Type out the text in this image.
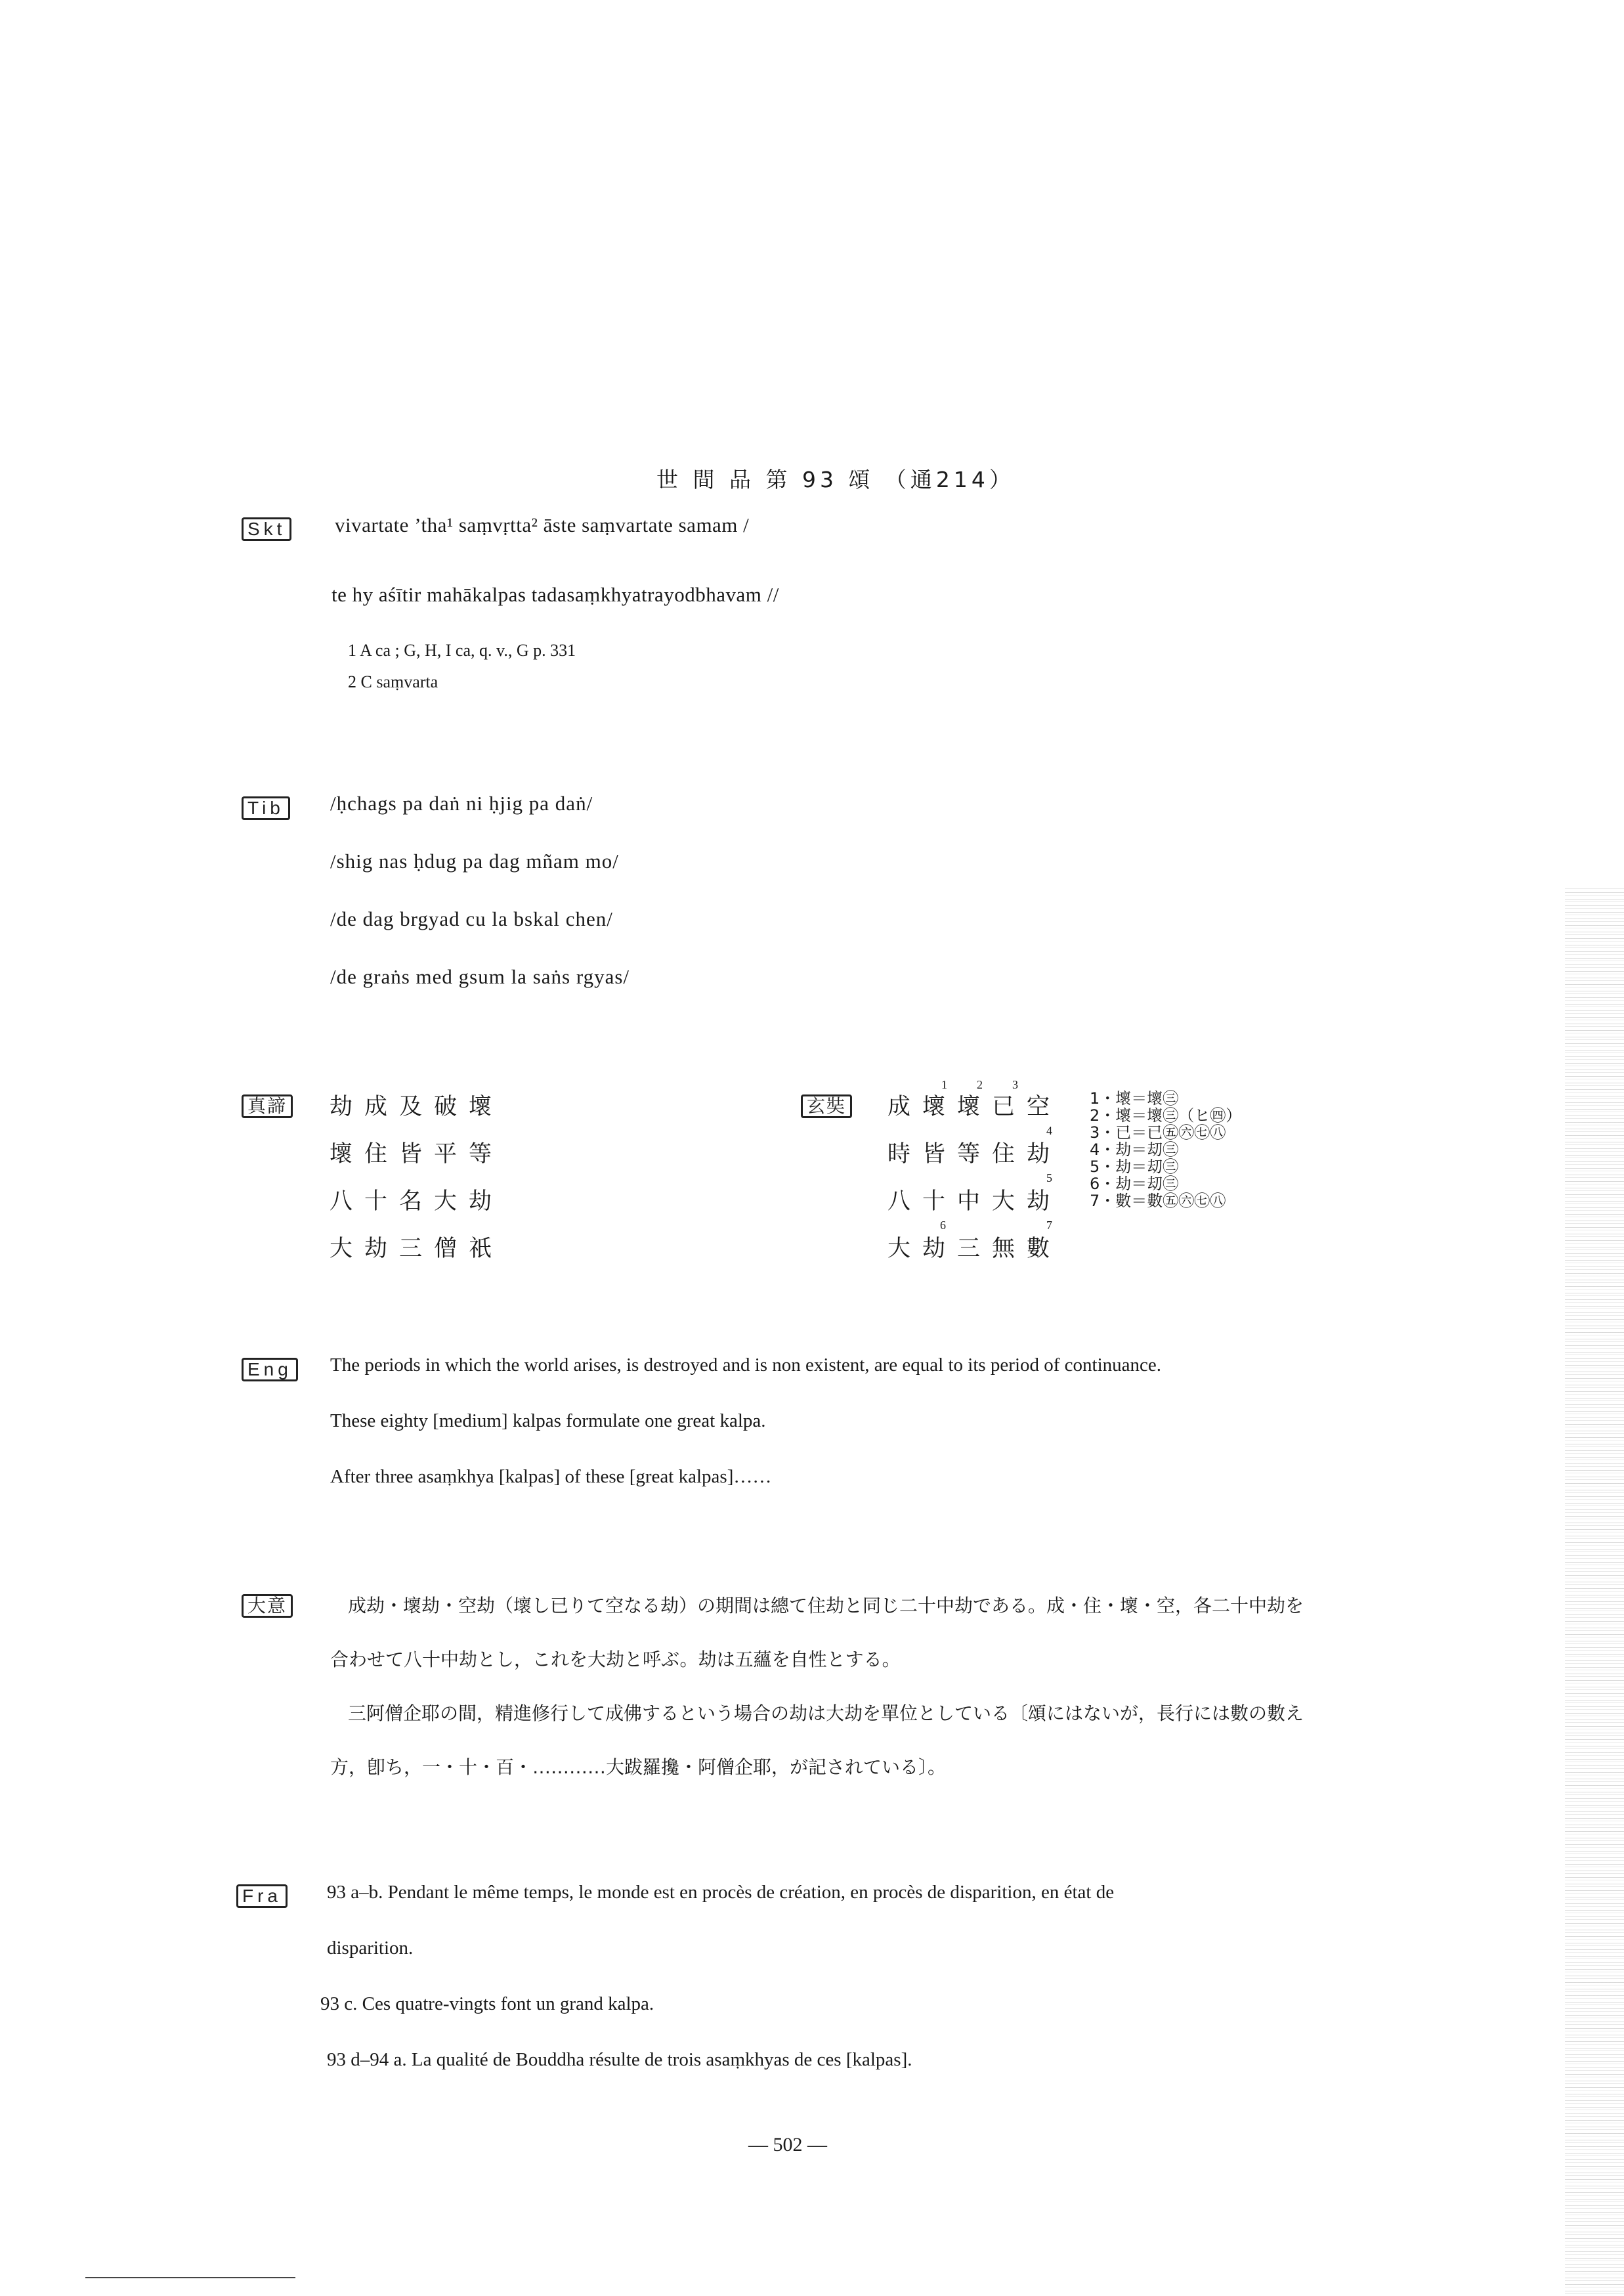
世 間 品 第 93 頌 （通214）
Skt vivartate ’tha¹ saṃvṛtta² āste saṃvartate samam /
te hy aśītir mahākalpas tadasaṃkhyatrayodbhavam //
1 A ca ; G, H, I ca, q. v., G p. 331
2 C saṃvarta
Tib /ḥchags pa daṅ ni ḥjig pa daṅ/
/shig nas ḥdug pa dag mñam mo/
/de dag brgyad cu la bskal chen/
/de graṅs med gsum la saṅs rgyas/
真諦 劫成及破壞
壞住皆平等
八十名大劫
大劫三僧祇
玄奘 成壞壞已空
時皆等住劫
八十中大劫
大劫三無數
1	2	3
4
5
6	7
1・壞＝壞㊂
2・壞＝壞㊂（ヒ㊃）
3・已＝已㊄㊅㊆㊇
4・劫＝刧㊂
5・劫＝刧㊂
6・劫＝刧㊂
7・數＝數㊄㊅㊆㊇
Eng	The periods in which the world arises, is destroyed and is non existent, are equal to its period of continuance.
These eighty [medium] kalpas formulate one great kalpa.
After three asaṃkhya [kalpas] of these [great kalpas]……
大意	成劫・壞劫・空劫（壞し已りて空なる劫）の期間は總て住劫と同じ二十中劫である。成・住・壞・空，各二十中劫を
合わせて八十中劫とし，これを大劫と呼ぶ。劫は五蘊を自性とする。
三阿僧企耶の間，精進修行して成佛するという場合の劫は大劫を單位としている〔頌にはないが，長行には數の數え
方，卽ち，一・十・百・…………大跋羅攙・阿僧企耶，が記されている〕。
Fra	93 a–b. Pendant le même temps, le monde est en procès de création, en procès de disparition, en état de
disparition.
93 c. Ces quatre-vingts font un grand kalpa.
93 d–94 a. La qualité de Bouddha résulte de trois asaṃkhyas de ces [kalpas].
— 502 —
